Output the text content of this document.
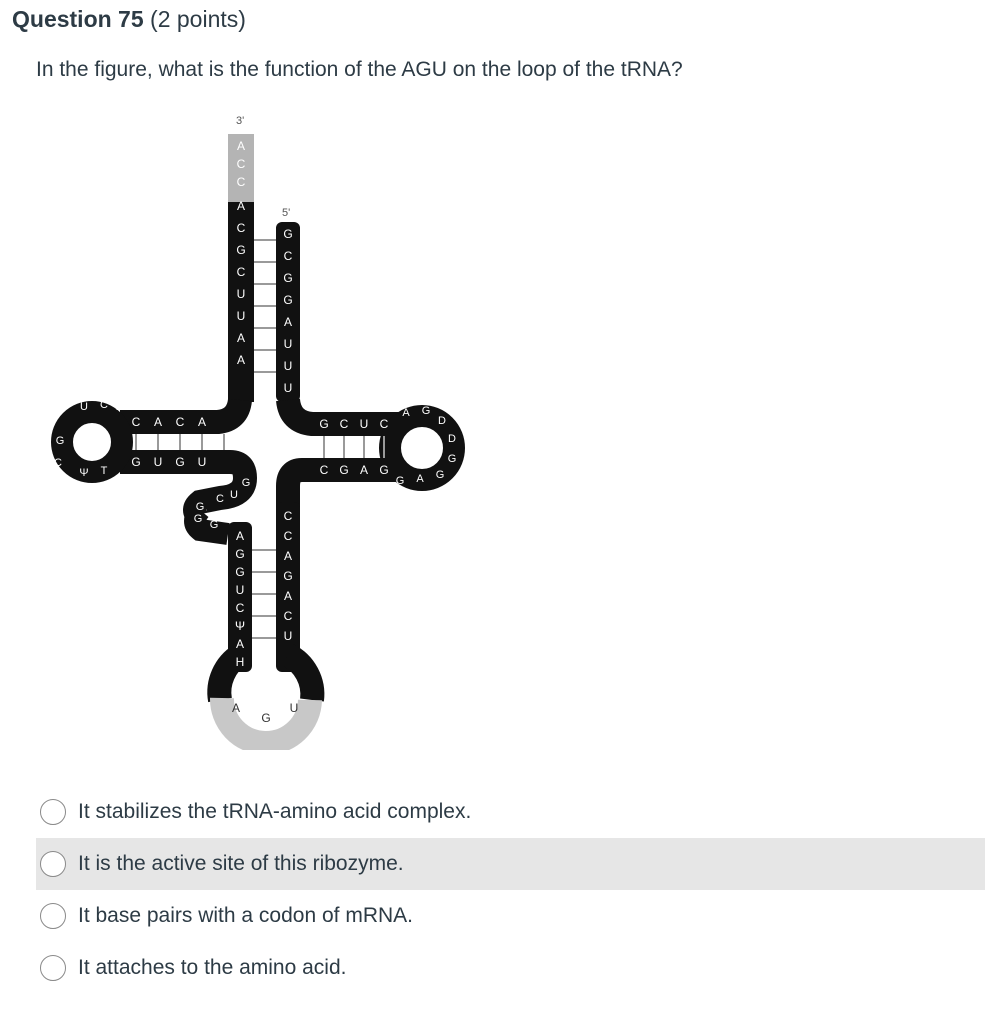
Question 75 (2 points)
In the figure, what is the function of the AGU on the loop of the tRNA?
3'
5'
A
C
C
A
C
G
C
U
U
A
A
G
C
G
G
A
U
U
U
C A C A
G U G U
U C A
G
C
Ψ T
G C U C
C G A G
A G
D
D
G
G
A
G
G
U
C
G
G G
A
G
G
U
C
Ψ
A
H
C
C
A
G
A
C
U
A
G
U
It stabilizes the tRNA-amino acid complex.
It is the active site of this ribozyme.
It base pairs with a codon of mRNA.
It attaches to the amino acid.
